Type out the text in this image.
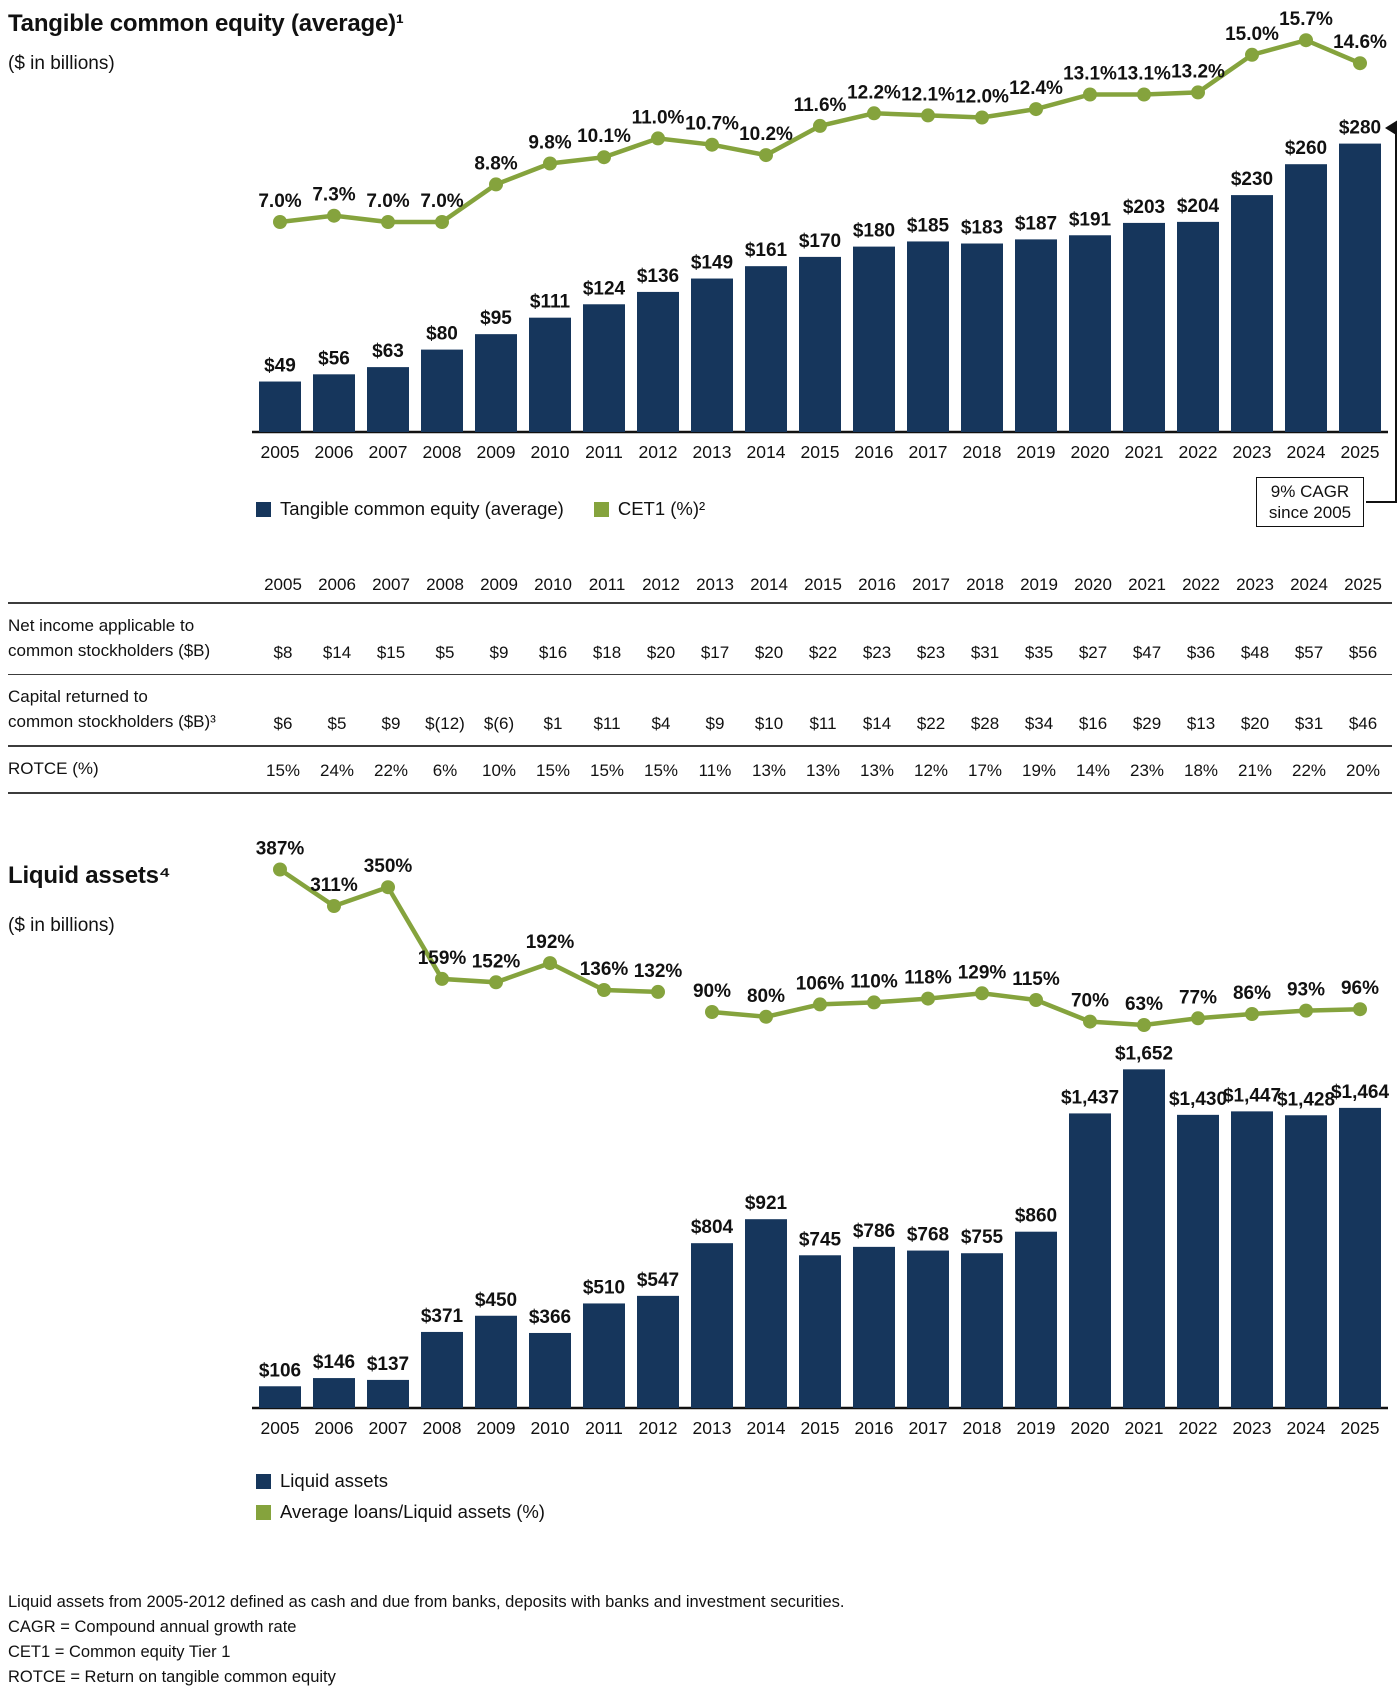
Tangible common equity (average)¹
($ in billions)
$49
2005
$56
2006
$63
2007
$80
2008
$95
2009
$111
2010
$124
2011
$136
2012
$149
2013
$161
2014
$170
2015
$180
2016
$185
2017
$183
2018
$187
2019
$191
2020
$203
2021
$204
2022
$230
2023
$260
2024
$280
2025
7.0% 7.3% 7.0% 7.0%
8.8%
9.8% 10.1%
11.0% 10.7% 10.2%
11.6%
12.2% 12.1% 12.0% 12.4%
13.1% 13.1% 13.2%
15.0%
15.7%
14.6%
Tangible common equity (average)	CET1 (%)²
9% CAGR
since 2005
2005 2006 2007 2008 2009 2010 2011 2012 2013 2014 2015 2016 2017 2018 2019 2020 2021 2022 2023 2024 2025
Net income applicable to
common stockholders ($B)	$8	$14	$15	$5	$9	$16	$18	$20	$17	$20	$22	$23	$23	$31	$35	$27	$47	$36	$48	$57	$56
Capital returned to
common stockholders ($B)³	$6	$5	$9	$(12)	$(6)	$1	$11	$4	$9	$10	$11	$14	$22	$28	$34	$16	$29	$13	$20	$31	$46
ROTCE (%)	15%	24%	22%	6%	10%	15%	15%	15%	11%	13%	13%	13%	12%	17%	19%	14%	23%	18%	21%	22%	20%
Liquid assets⁴
($ in billions)
$106
2005
$146
2006
$137
2007
$371
2008
$450
2009
$366
2010
$510
2011
$547
2012
$804
2013
$921
2014
$745
2015
$786
2016
$768
2017
$755
2018
$860
2019
$1,437
2020
$1,652
2021
$1,430
2022
$1,447
2023
$1,428
2024
$1,464
2025
387%
311%
350%
159% 152%
192%
136% 132%
90% 80%
106% 110% 118% 129% 115%
70% 63% 77% 86% 93% 96%
Liquid assets
Average loans/Liquid assets (%)
Liquid assets from 2005-2012 defined as cash and due from banks, deposits with banks and investment securities.
CAGR = Compound annual growth rate
CET1 = Common equity Tier 1
ROTCE = Return on tangible common equity
